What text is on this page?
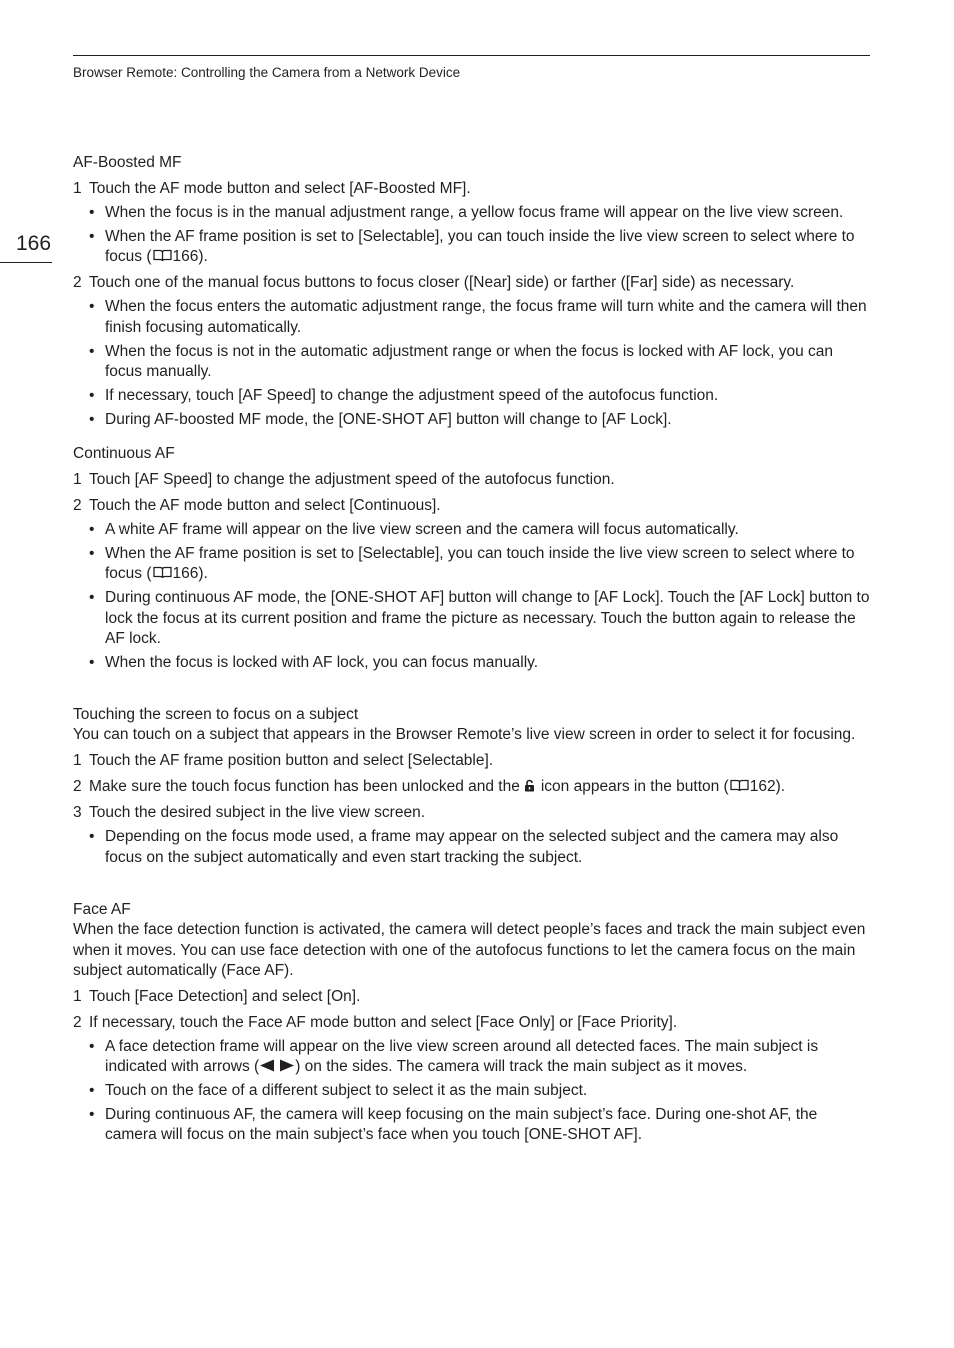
Browser Remote: Controlling the Camera from a Network Device
166

AF-Boosted MF

1 Touch the AF mode button and select [AF-Boosted MF].
• When the focus is in the manual adjustment range, a yellow focus frame will appear on the live view screen.
• When the AF frame position is set to [Selectable], you can touch inside the live view screen to select where to focus ( 166).
2 Touch one of the manual focus buttons to focus closer ([Near] side) or farther ([Far] side) as necessary.
• When the focus enters the automatic adjustment range, the focus frame will turn white and the camera will then finish focusing automatically.
• When the focus is not in the automatic adjustment range or when the focus is locked with AF lock, you can focus manually.
• If necessary, touch [AF Speed] to change the adjustment speed of the autofocus function.
• During AF-boosted MF mode, the [ONE-SHOT AF] button will change to [AF Lock].

Continuous AF

1 Touch [AF Speed] to change the adjustment speed of the autofocus function.
2 Touch the AF mode button and select [Continuous].
• A white AF frame will appear on the live view screen and the camera will focus automatically.
• When the AF frame position is set to [Selectable], you can touch inside the live view screen to select where to focus ( 166).
• During continuous AF mode, the [ONE-SHOT AF] button will change to [AF Lock]. Touch the [AF Lock] button to lock the focus at its current position and frame the picture as necessary. Touch the button again to release the AF lock.
• When the focus is locked with AF lock, you can focus manually.

Touching the screen to focus on a subject

You can touch on a subject that appears in the Browser Remote’s live view screen in order to select it for focusing.

1 Touch the AF frame position button and select [Selectable].
2 Make sure the touch focus function has been unlocked and the icon appears in the button ( 162).
3 Touch the desired subject in the live view screen.
• Depending on the focus mode used, a frame may appear on the selected subject and the camera may also focus on the subject automatically and even start tracking the subject.

Face AF

When the face detection function is activated, the camera will detect people’s faces and track the main subject even when it moves. You can use face detection with one of the autofocus functions to let the camera focus on the main subject automatically (Face AF).

1 Touch [Face Detection] and select [On].
2 If necessary, touch the Face AF mode button and select [Face Only] or [Face Priority].
• A face detection frame will appear on the live view screen around all detected faces. The main subject is indicated with arrows ( ) on the sides. The camera will track the main subject as it moves.
• Touch on the face of a different subject to select it as the main subject.
• During continuous AF, the camera will keep focusing on the main subject’s face. During one-shot AF, the camera will focus on the main subject’s face when you touch [ONE-SHOT AF].
